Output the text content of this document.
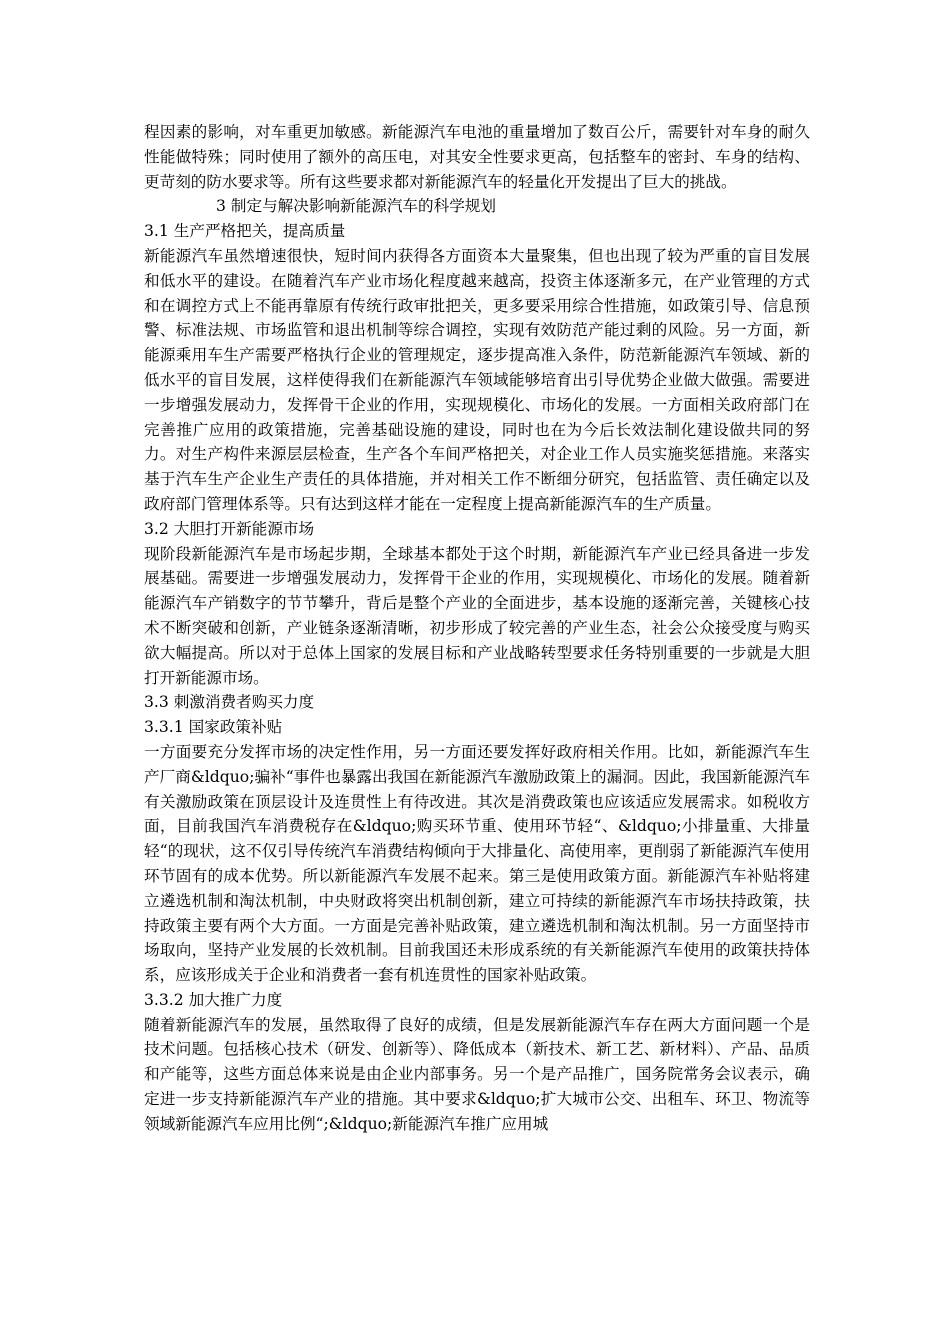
程因素的影响，对车重更加敏感。新能源汽车电池的重量增加了数百公斤，需要针对车身的耐久性能做特殊；同时使用了额外的高压电，对其安全性要求更高，包括整车的密封、车身的结构、更苛刻的防水要求等。所有这些要求都对新能源汽车的轻量化开发提出了巨大的挑战。

3 制定与解决影响新能源汽车的科学规划

3.1 生产严格把关，提高质量

新能源汽车虽然增速很快，短时间内获得各方面资本大量聚集，但也出现了较为严重的盲目发展和低水平的建设。在随着汽车产业市场化程度越来越高，投资主体逐渐多元，在产业管理的方式和在调控方式上不能再靠原有传统行政审批把关，更多要采用综合性措施，如政策引导、信息预警、标准法规、市场监管和退出机制等综合调控，实现有效防范产能过剩的风险。另一方面，新能源乘用车生产需要严格执行企业的管理规定，逐步提高准入条件，防范新能源汽车领域、新的低水平的盲目发展，这样使得我们在新能源汽车领域能够培育出引导优势企业做大做强。需要进一步增强发展动力，发挥骨干企业的作用，实现规模化、市场化的发展。一方面相关政府部门在完善推广应用的政策措施，完善基础设施的建设，同时也在为今后长效法制化建设做共同的努力。对生产构件来源层层检查，生产各个车间严格把关，对企业工作人员实施奖惩措施。来落实基于汽车生产企业生产责任的具体措施，并对相关工作不断细分研究，包括监管、责任确定以及政府部门管理体系等。只有达到这样才能在一定程度上提高新能源汽车的生产质量。

3.2 大胆打开新能源市场

现阶段新能源汽车是市场起步期，全球基本都处于这个时期，新能源汽车产业已经具备进一步发展基础。需要进一步增强发展动力，发挥骨干企业的作用，实现规模化、市场化的发展。随着新能源汽车产销数字的节节攀升，背后是整个产业的全面进步，基本设施的逐渐完善，关键核心技术不断突破和创新，产业链条逐渐清晰，初步形成了较完善的产业生态，社会公众接受度与购买欲大幅提高。所以对于总体上国家的发展目标和产业战略转型要求任务特别重要的一步就是大胆打开新能源市场。

3.3 刺激消费者购买力度

3.3.1 国家政策补贴

一方面要充分发挥市场的决定性作用，另一方面还要发挥好政府相关作用。比如，新能源汽车生产厂商&ldquo;骗补“事件也暴露出我国在新能源汽车激励政策上的漏洞。因此，我国新能源汽车有关激励政策在顶层设计及连贯性上有待改进。其次是消费政策也应该适应发展需求。如税收方面，目前我国汽车消费税存在&ldquo;购买环节重、使用环节轻“、&ldquo;小排量重、大排量轻“的现状，这不仅引导传统汽车消费结构倾向于大排量化、高使用率，更削弱了新能源汽车使用环节固有的成本优势。所以新能源汽车发展不起来。第三是使用政策方面。新能源汽车补贴将建立遴选机制和淘汰机制，中央财政将突出机制创新，建立可持续的新能源汽车市场扶持政策，扶持政策主要有两个大方面。一方面是完善补贴政策，建立遴选机制和淘汰机制。另一方面坚持市场取向，坚持产业发展的长效机制。目前我国还未形成系统的有关新能源汽车使用的政策扶持体系，应该形成关于企业和消费者一套有机连贯性的国家补贴政策。

3.3.2 加大推广力度

随着新能源汽车的发展，虽然取得了良好的成绩，但是发展新能源汽车存在两大方面问题一个是技术问题。包括核心技术（研发、创新等）、降低成本（新技术、新工艺、新材料）、产品、品质和产能等，这些方面总体来说是由企业内部事务。另一个是产品推广，国务院常务会议表示，确定进一步支持新能源汽车产业的措施。其中要求&ldquo;扩大城市公交、出租车、环卫、物流等领域新能源汽车应用比例“;&ldquo;新能源汽车推广应用城
